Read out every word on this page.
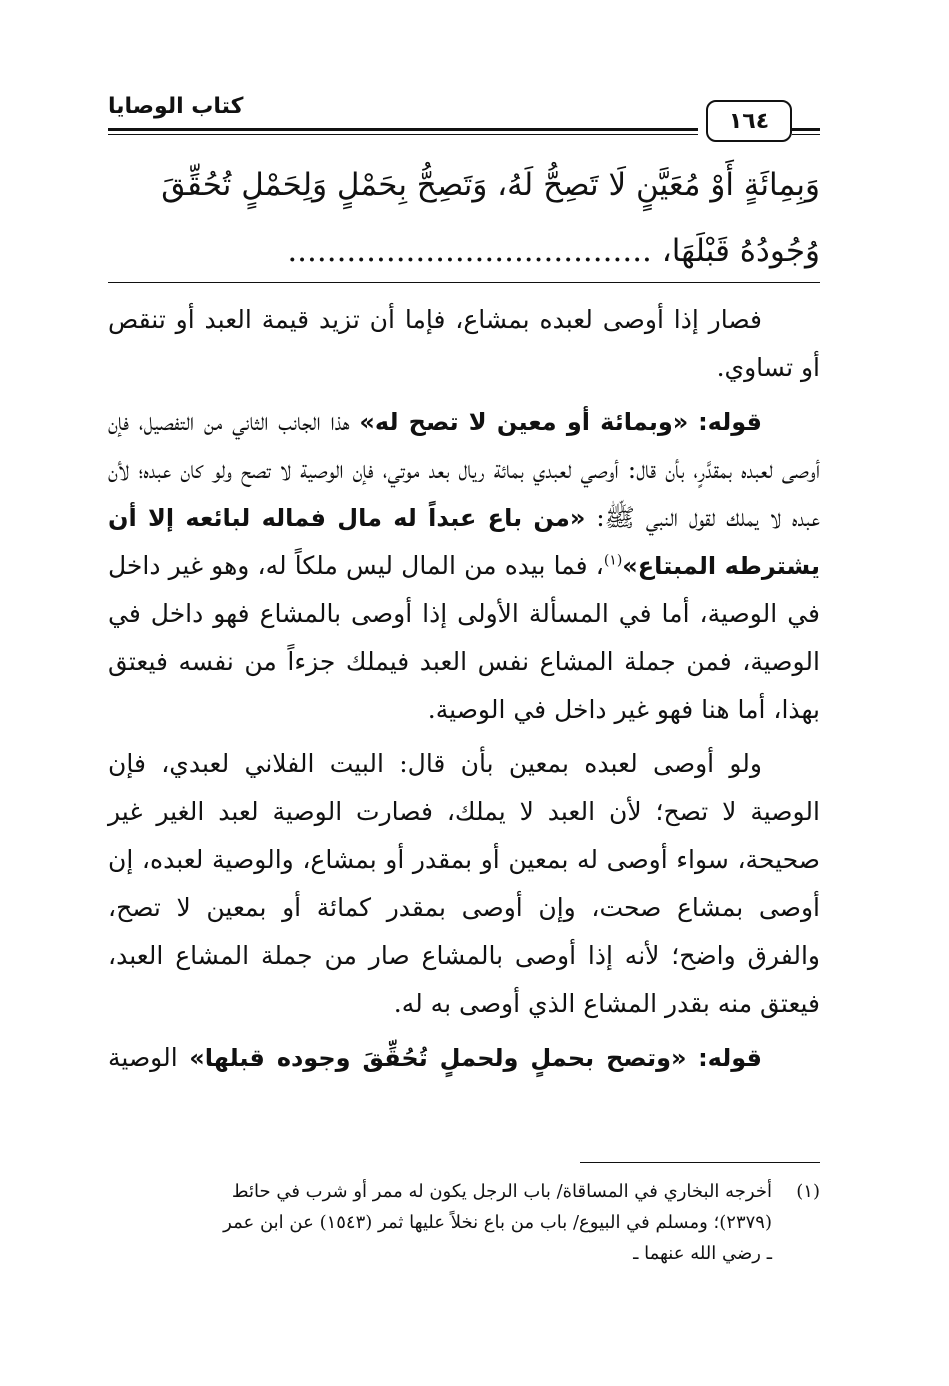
كتاب الوصايا
١٦٤
وَبِمِائَةٍ أَوْ مُعَيَّنٍ لَا تَصِحُّ لَهُ، وَتَصِحُّ بِحَمْلٍ وَلِحَمْلٍ تُحُقِّقَ
وُجُودُهُ قَبْلَهَا، .....................................

فصار إذا أوصى لعبده بمشاع، فإما أن تزيد قيمة العبد أو تنقص أو تساوي.

قوله: «وبمائة أو معين لا تصح له» هذا الجانب الثاني من التفصيل، فإن أوصى لعبده بمقدَّرٍ، بأن قال: أوصي لعبدي بمائة ريال بعد موتي، فإن الوصية لا تصح ولو كان عبده؛ لأن عبده لا يملك لقول النبي ﷺ: «من باع عبداً له مال فماله لبائعه إلا أن يشترطه المبتاع»$^{(١)}$، فما بيده من المال ليس ملكاً له، وهو غير داخل في الوصية، أما في المسألة الأولى إذا أوصى بالمشاع فهو داخل في الوصية، فمن جملة المشاع نفس العبد فيملك جزءاً من نفسه فيعتق بهذا، أما هنا فهو غير داخل في الوصية.

ولو أوصى لعبده بمعين بأن قال: البيت الفلاني لعبدي، فإن الوصية لا تصح؛ لأن العبد لا يملك، فصارت الوصية لعبد الغير غير صحيحة، سواء أوصى له بمعين أو بمقدر أو بمشاع، والوصية لعبده، إن أوصى بمشاع صحت، وإن أوصى بمقدر كمائة أو بمعين لا تصح، والفرق واضح؛ لأنه إذا أوصى بالمشاع صار من جملة المشاع العبد، فيعتق منه بقدر المشاع الذي أوصى به له.

قوله: «وتصح بحملٍ ولحملٍ تُحُقِّقَ وجوده قبلها» الوصية

(١)أخرجه البخاري في المساقاة/ باب الرجل يكون له ممر أو شرب في حائط
(٢٣٧٩)؛ ومسلم في البيوع/ باب من باع نخلاً عليها ثمر (١٥٤٣) عن ابن عمر
ـ رضي الله عنهما ـ
